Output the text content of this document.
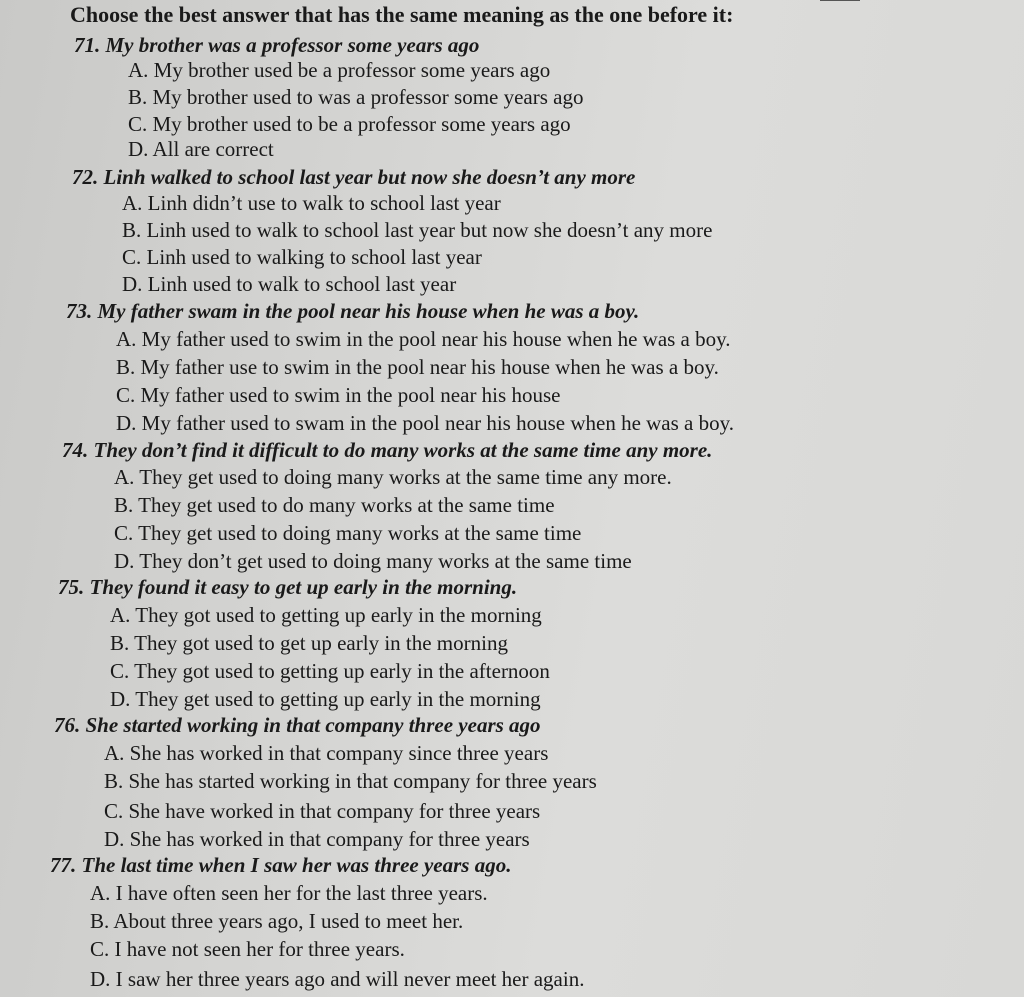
Choose the best answer that has the same meaning as the one before it:
71. My brother was a professor some years ago
A. My brother used be a professor some years ago
B. My brother used to was a professor some years ago
C. My brother used to be a professor some years ago
D. All are correct
72. Linh walked to school last year but now she doesn’t any more
A. Linh didn’t use to walk to school last year
B. Linh used to walk to school last year but now she doesn’t any more
C. Linh used to walking to school last year
D. Linh used to walk to school last year
73. My father swam in the pool near his house when he was a boy.
A. My father used to swim in the pool near his house when he was a boy.
B. My father use to swim in the pool near his house when he was a boy.
C. My father used to swim in the pool near his house
D. My father used to swam in the pool near his house when he was a boy.
74. They don’t find it difficult to do many works at the same time any more.
A. They get used to doing many works at the same time any more.
B. They get used to do many works at the same time
C. They get used to doing many works at the same time
D. They don’t get used to doing many works at the same time
75. They found it easy to get up early in the morning.
A. They got used to getting up early in the morning
B. They got used to get up early in the morning
C. They got used to getting up early in the afternoon
D. They get used to getting up early in the morning
76. She started working in that company three years ago
A. She has worked in that company since three years
B. She has started working in that company for three years
C. She have worked in that company for three years
D. She has worked in that company for three years
77. The last time when I saw her was three years ago.
A. I have often seen her for the last three years.
B. About three years ago, I used to meet her.
C. I have not seen her for three years.
D. I saw her three years ago and will never meet her again.
